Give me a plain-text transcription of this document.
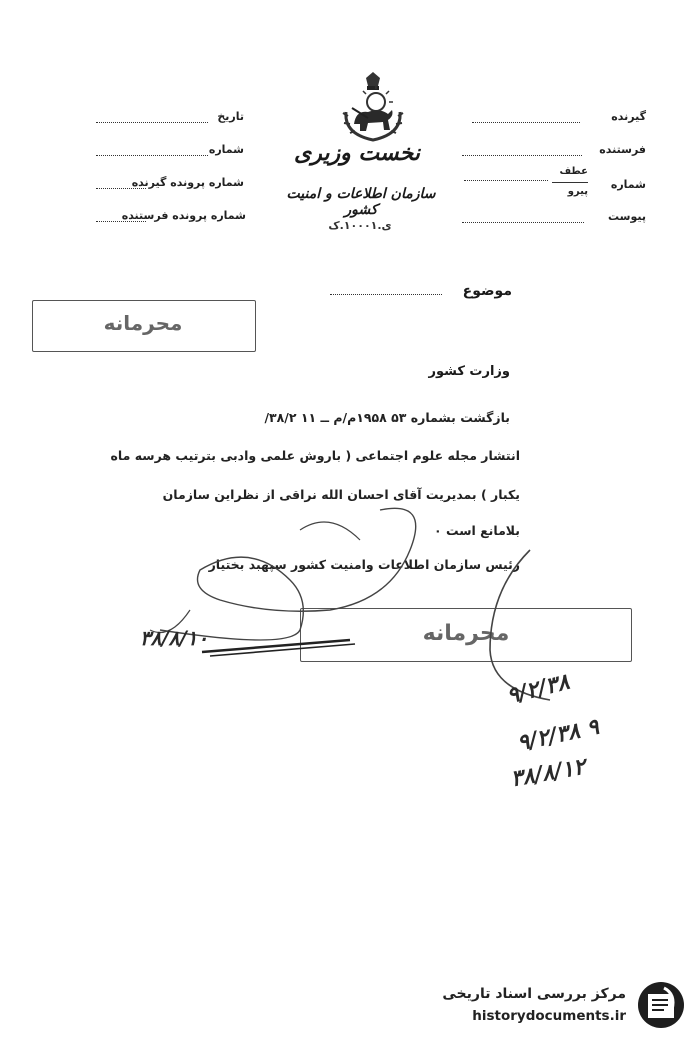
نخست وزیری
سازمان اطلاعات و امنیت کشور
ی.۱۰۰۰۱.ک
گیرنده
فرستنده
شماره
عطف
پیرو
پیوست
تاریخ
شماره
شماره پرونده گیرنده
شماره پرونده فرستنده
موضوع
محرمانه
محرمانه
وزارت کشور
بازگشت بشماره ۵۳ ۱۹۵۸م/م ــ ۱۱ ۳۸/۲/
انتشار مجله علوم اجتماعی ( باروش علمی وادبی بترتیب هرسه ماه
یکبار ) بمدیریت آقای احسان الله نراقی از نظراین سازمان
بلامانع است ۰
رئیس سازمان اطلاعات وامنیت کشور سپهبد بختیار
۳۸/۸/۱۰
۹/۲/۳۸
۹/۲/۳۸ ۹
۳۸/۸/۱۲
مرکز بررسی اسناد تاریخی
historydocuments.ir
